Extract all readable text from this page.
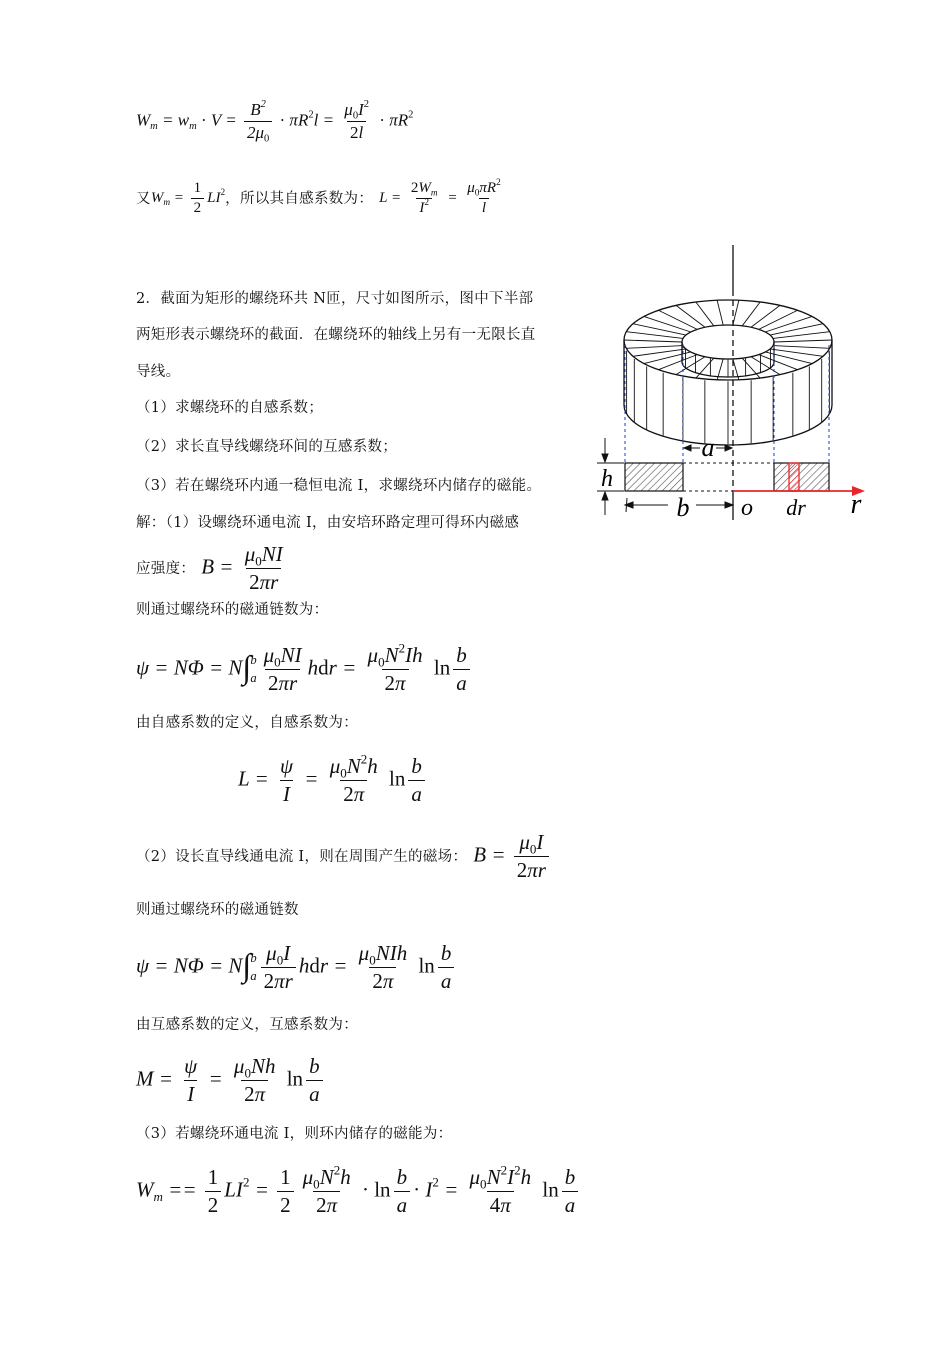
$W_m = w_m \cdot V = \frac{B^2}{2\mu_0} \cdot \pi R^2l = \frac{\mu_0I^2}{2l} \cdot \pi R^2$
又 $W_m = \frac{1}{2} LI^2$ ，所以其自感系数为： $L = \frac{2W_m}{I^2} = \frac{\mu_0\pi R^2}{l}$
2．截面为矩形的螺绕环共 N匝，尺寸如图所示，图中下半部
两矩形表示螺绕环的截面．在螺绕环的轴线上另有一无限长直
导线。
（1）求螺绕环的自感系数；
（2）求长直导线螺绕环间的互感系数；
（3）若在螺绕环内通一稳恒电流 I，求螺绕环内储存的磁能。
解：（1）设螺绕环通电流 I，由安培环路定理可得环内磁感
应强度： $B = \frac{\mu_0NI}{2\pi r}$
则通过螺绕环的磁通链数为：
ψ = NΦ = N∫ b
a $\frac{\mu_0NI}{2\pi r}$ hdr = $\frac{\mu_0N^2Ih}{2\pi}$ $\ln \frac{b}{a}$
由自感系数的定义，自感系数为：
$L = \frac{\psi}{I} = \frac{\mu_0N^2h}{2\pi}$ $\ln \frac{b}{a}$
（2）设长直导线通电流 I，则在周围产生的磁场： $B = \frac{\mu_0I}{2\pi r}$
则通过螺绕环的磁通链数
ψ = NΦ = N∫ b
a $\frac{\mu_0I}{2\pi r}$ hdr = $\frac{\mu_0NIh}{2\pi}$ $\ln \frac{b}{a}$
由互感系数的定义，互感系数为：
$M = \frac{\psi}{I} = \frac{\mu_0Nh}{2\pi}$ $\ln \frac{b}{a}$
（3）若螺绕环通电流 I，则环内储存的磁能为：
$W_m == \frac{1}{2} LI^2 = \frac{1}{2} \frac{\mu_0N^2h}{2\pi} \cdot \ln \frac{b}{a} \cdot I^2 = \frac{\mu_0N^2I^2h}{4\pi}$ $\ln \frac{b}{a}$
a
b
h
o dr r
